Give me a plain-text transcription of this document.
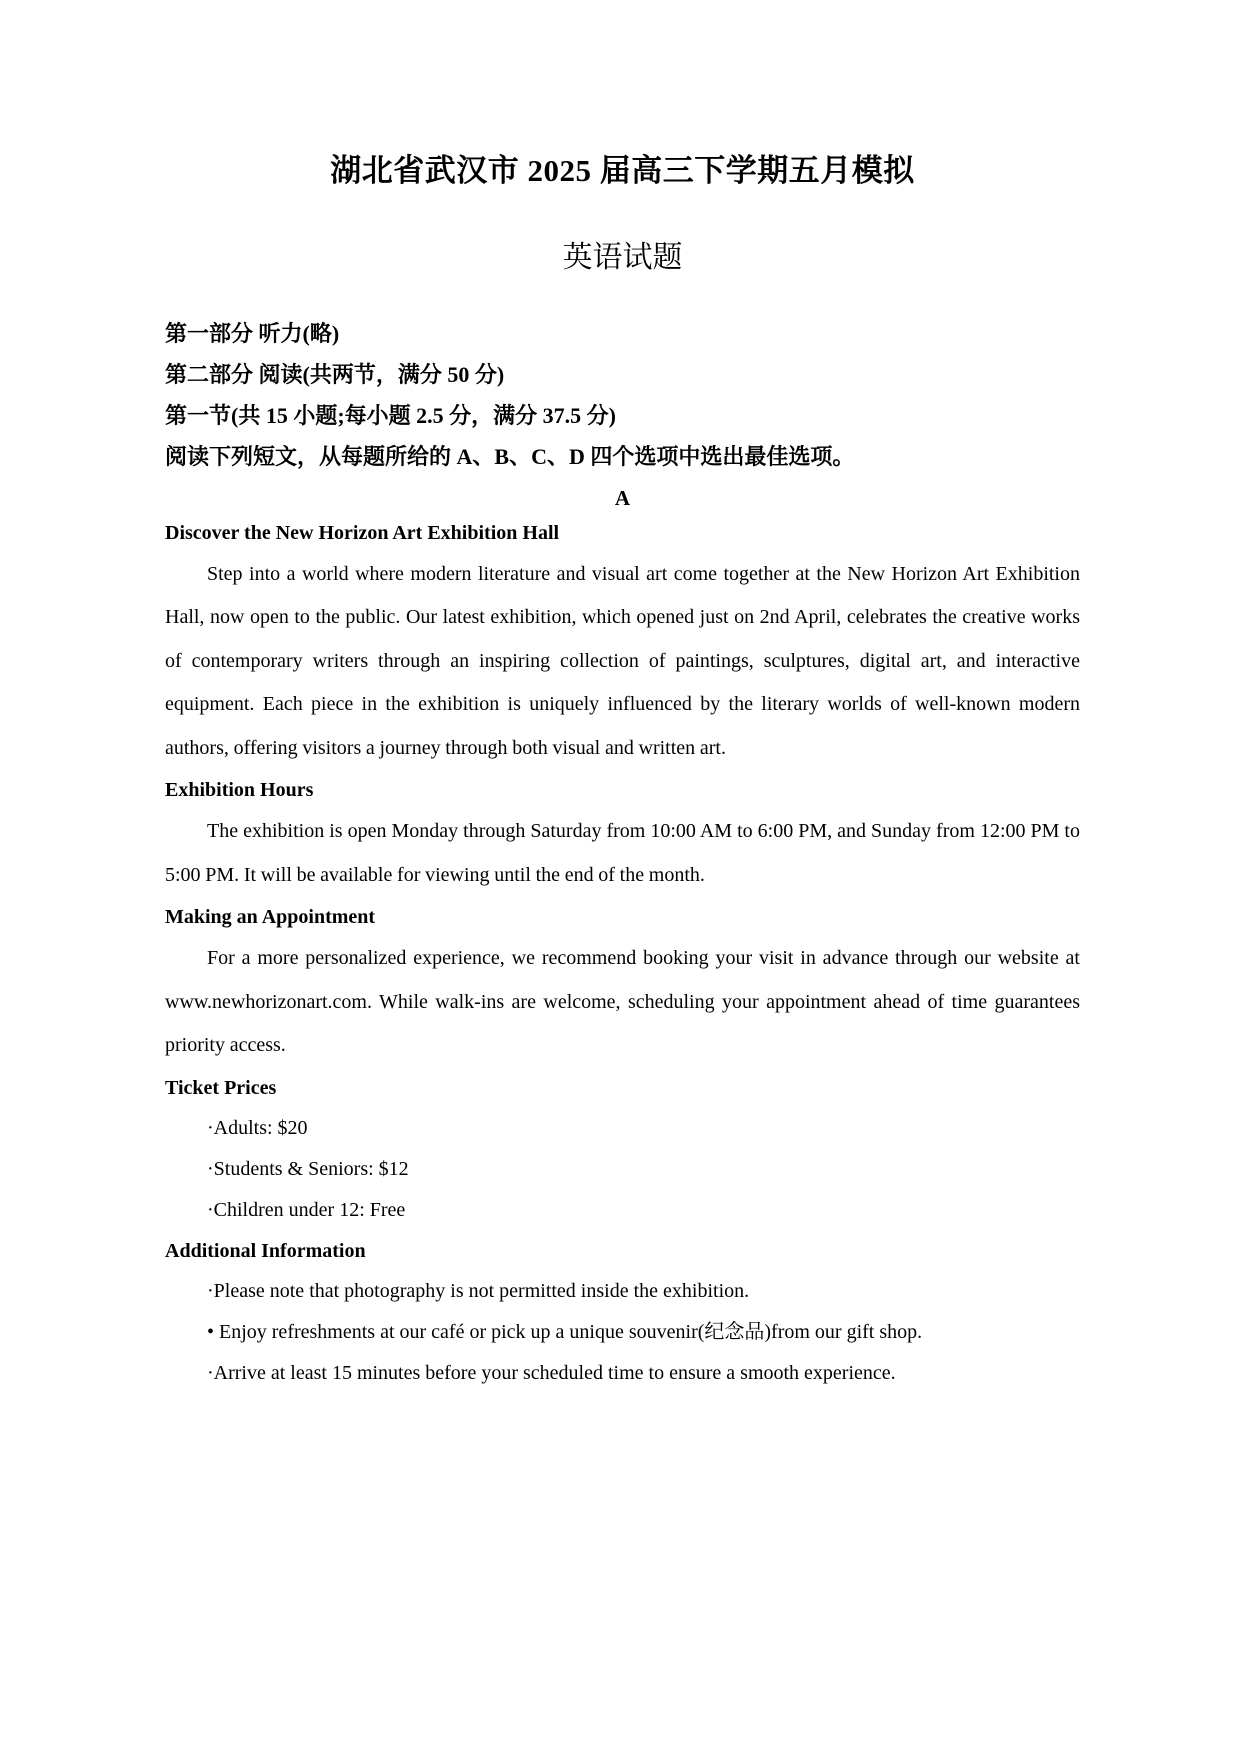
湖北省武汉市 2025 届高三下学期五月模拟
英语试题
第一部分 听力(略)
第二部分 阅读(共两节，满分 50 分)
第一节(共 15 小题;每小题 2.5 分，满分 37.5 分)
阅读下列短文，从每题所给的 A、B、C、D 四个选项中选出最佳选项。
A
Discover the New Horizon Art Exhibition Hall

Step into a world where modern literature and visual art come together at the New Horizon Art Exhibition Hall, now open to the public. Our latest exhibition, which opened just on 2nd April, celebrates the creative works of contemporary writers through an inspiring collection of paintings, sculptures, digital art, and interactive equipment. Each piece in the exhibition is uniquely influenced by the literary worlds of well-known modern authors, offering visitors a journey through both visual and written art.

Exhibition Hours

The exhibition is open Monday through Saturday from 10:00 AM to 6:00 PM, and Sunday from 12:00 PM to 5:00 PM. It will be available for viewing until the end of the month.

Making an Appointment

For a more personalized experience, we recommend booking your visit in advance through our website at www.newhorizonart.com. While walk-ins are welcome, scheduling your appointment ahead of time guarantees priority access.

Ticket Prices
·Adults: $20
·Students & Seniors: $12
·Children under 12: Free
Additional Information
·Please note that photography is not permitted inside the exhibition.
• Enjoy refreshments at our café or pick up a unique souvenir(纪念品)from our gift shop.
·Arrive at least 15 minutes before your scheduled time to ensure a smooth experience.
